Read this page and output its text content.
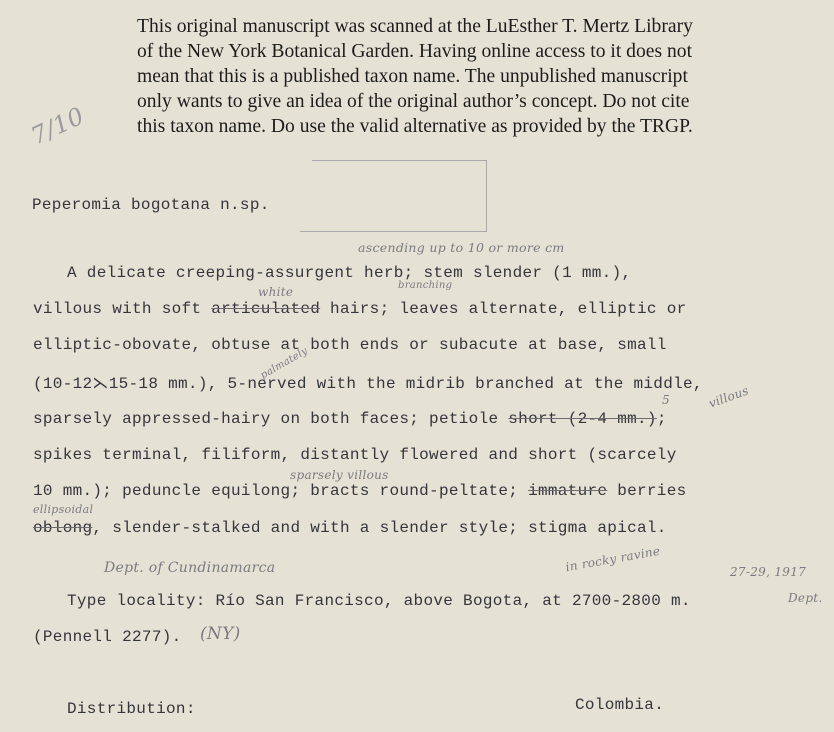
This original manuscript was scanned at the LuEsther T. Mertz Library
of the New York Botanical Garden. Having online access to it does not
mean that this is a published taxon name. The unpublished manuscript
only wants to give an idea of the original author’s concept. Do not cite
this taxon name. Do use the valid alternative as provided by the TRGP.
7/10
Peperomia bogotana n.sp.
ascending up to 10 or more cm
A delicate creeping-assurgent herb; stem slender (1 mm.),
white	branching
villous with soft articulated hairs; leaves alternate, elliptic or
elliptic-obovate, obtuse at both ends or subacute at base, small
palmately
(10-12⋋15-18 mm.), 5-nerved with the midrib branched at the middle,
5	villous
sparsely appressed-hairy on both faces; petiole short (2-4 mm.);
spikes terminal, filiform, distantly flowered and short (scarcely
sparsely villous
10 mm.); peduncle equilong; bracts round-peltate; immature berries
ellipsoidal
oblong, slender-stalked and with a slender style; stigma apical.
Dept. of Cundinamarca	in rocky ravine	27-29, 1917
Type locality: Río San Francisco, above Bogota, at 2700-2800 m.	Dept.
(Pennell 2277). (NY)
Distribution:	Colombia.
